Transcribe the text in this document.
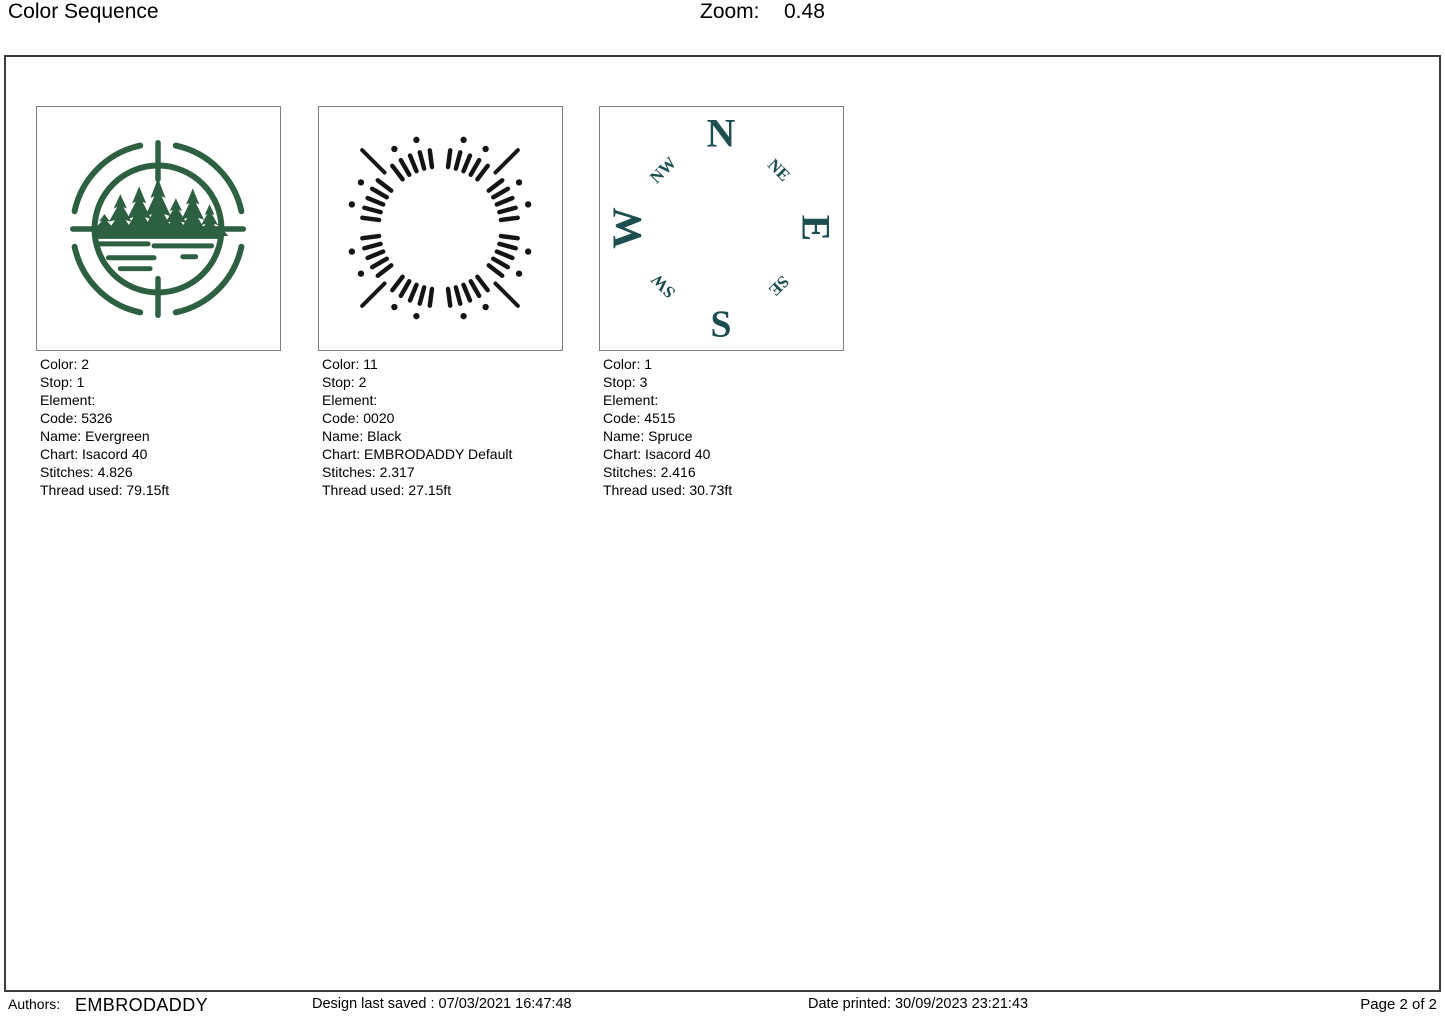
Color Sequence	Zoom: 0.48
Color: 2
Stop: 1
Element:
Code: 5326
Name: Evergreen
Chart: Isacord 40
Stitches: 4.826
Thread used: 79.15ft
Color: 11
Stop: 2
Element:
Code: 0020
Name: Black
Chart: EMBRODADDY Default
Stitches: 2.317
Thread used: 27.15ft
N
NE
E
SE
S
SW
W
NW
Color: 1
Stop: 3
Element:
Code: 4515
Name: Spruce
Chart: Isacord 40
Stitches: 2.416
Thread used: 30.73ft
Authors: EMBRODADDY	Design last saved : 07/03/2021 16:47:48	Date printed: 30/09/2023 23:21:43	Page 2 of 2
